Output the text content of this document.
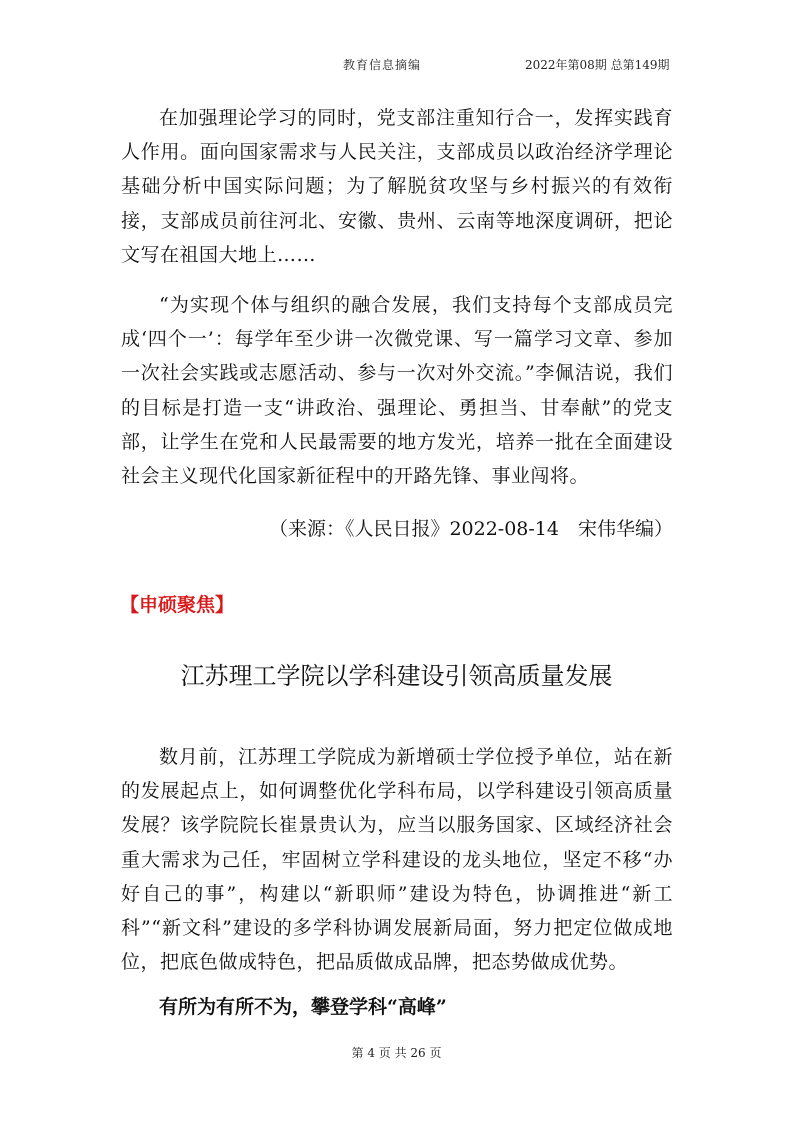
教育信息摘编	2022年第08期 总第149期

在加强理论学习的同时，党支部注重知行合一，发挥实践育人作用。面向国家需求与人民关注，支部成员以政治经济学理论基础分析中国实际问题；为了解脱贫攻坚与乡村振兴的有效衔接，支部成员前往河北、安徽、贵州、云南等地深度调研，把论文写在祖国大地上……

“为实现个体与组织的融合发展，我们支持每个支部成员完成‘四个一’：每学年至少讲一次微党课、写一篇学习文章、参加一次社会实践或志愿活动、参与一次对外交流。”李佩洁说，我们的目标是打造一支“讲政治、强理论、勇担当、甘奉献”的党支部，让学生在党和人民最需要的地方发光，培养一批在全面建设社会主义现代化国家新征程中的开路先锋、事业闯将。

（来源：《人民日报》2022-08-14　宋伟华编）
【申硕聚焦】
江苏理工学院以学科建设引领高质量发展

数月前，江苏理工学院成为新增硕士学位授予单位，站在新的发展起点上，如何调整优化学科布局，以学科建设引领高质量发展？该学院院长崔景贵认为，应当以服务国家、区域经济社会重大需求为己任，牢固树立学科建设的龙头地位，坚定不移“办好自己的事”，构建以“新职师”建设为特色，协调推进“新工科”“新文科”建设的多学科协调发展新局面，努力把定位做成地位，把底色做成特色，把品质做成品牌，把态势做成优势。

有所为有所不为，攀登学科“高峰”
第 4 页 共 26 页
